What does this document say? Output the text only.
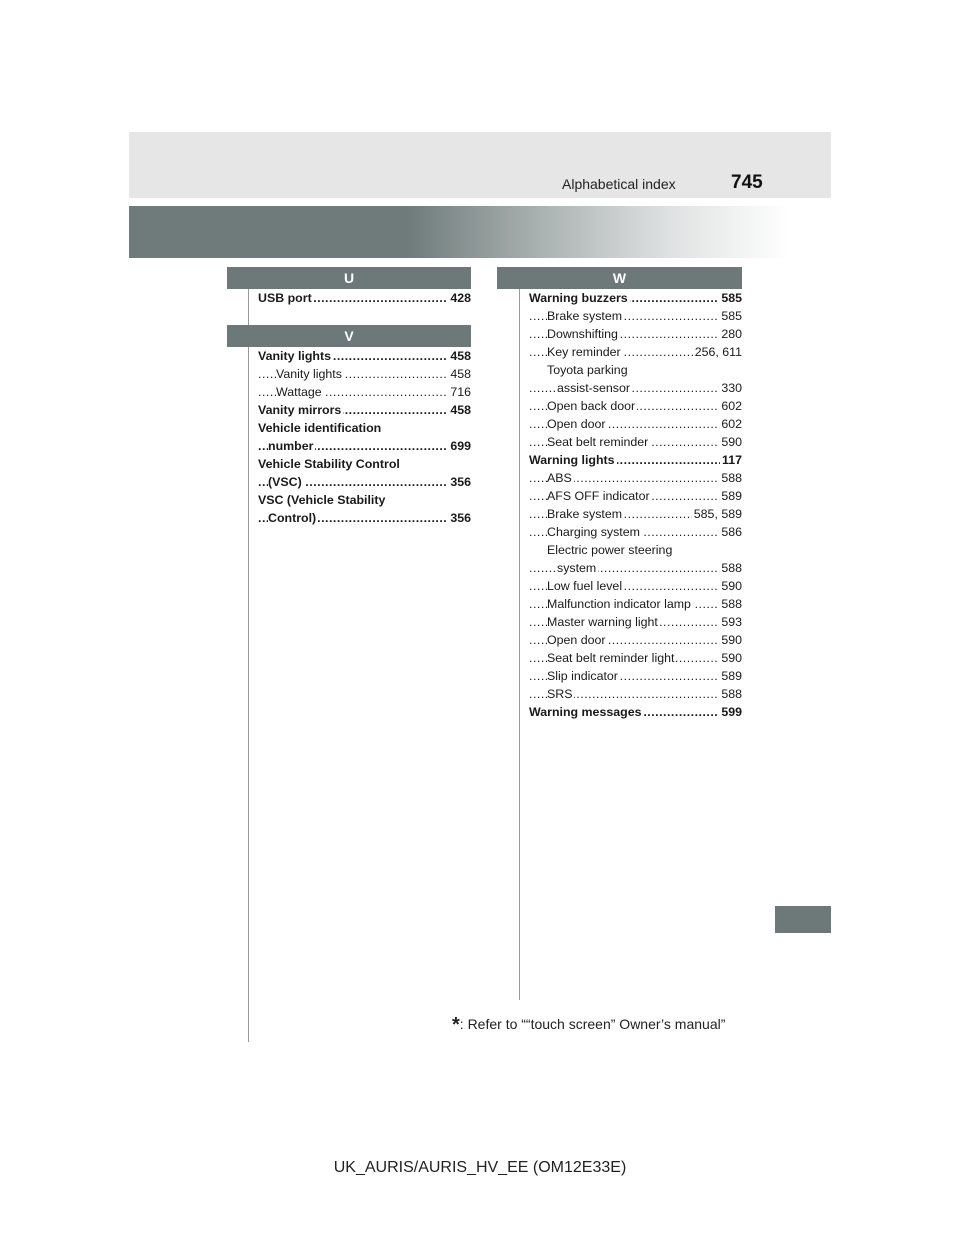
Alphabetical index	745
U
.....
USB port	428
V
.....
Vanity lights	458
.....
Vanity lights	458
.....
Wattage	716
.....
Vanity mirrors	458
Vehicle identification
.....
number	699
Vehicle Stability Control
.....
(VSC)	356
VSC (Vehicle Stability
.....
Control)	356
W
.....
Warning buzzers	585
.....
Brake system	585
.....
Downshifting	280
.....
Key reminder	256, 611
Toyota parking
.....
assist-sensor	330
.....
Open back door	602
.....
Open door	602
.....
Seat belt reminder	590
.....
Warning lights	117
.....
ABS	588
.....
AFS OFF indicator	589
.....
Brake system	585, 589
.....
Charging system	586
Electric power steering
.....
system	588
.....
Low fuel level	590
.....
Malfunction indicator lamp 588
.....
Master warning light	593
.....
Open door	590
.....
Seat belt reminder light	590
.....
Slip indicator	589
.....
SRS	588
.....
Warning messages	599
*: Refer to ““touch screen” Owner’s manual”
UK_AURIS/AURIS_HV_EE (OM12E33E)
